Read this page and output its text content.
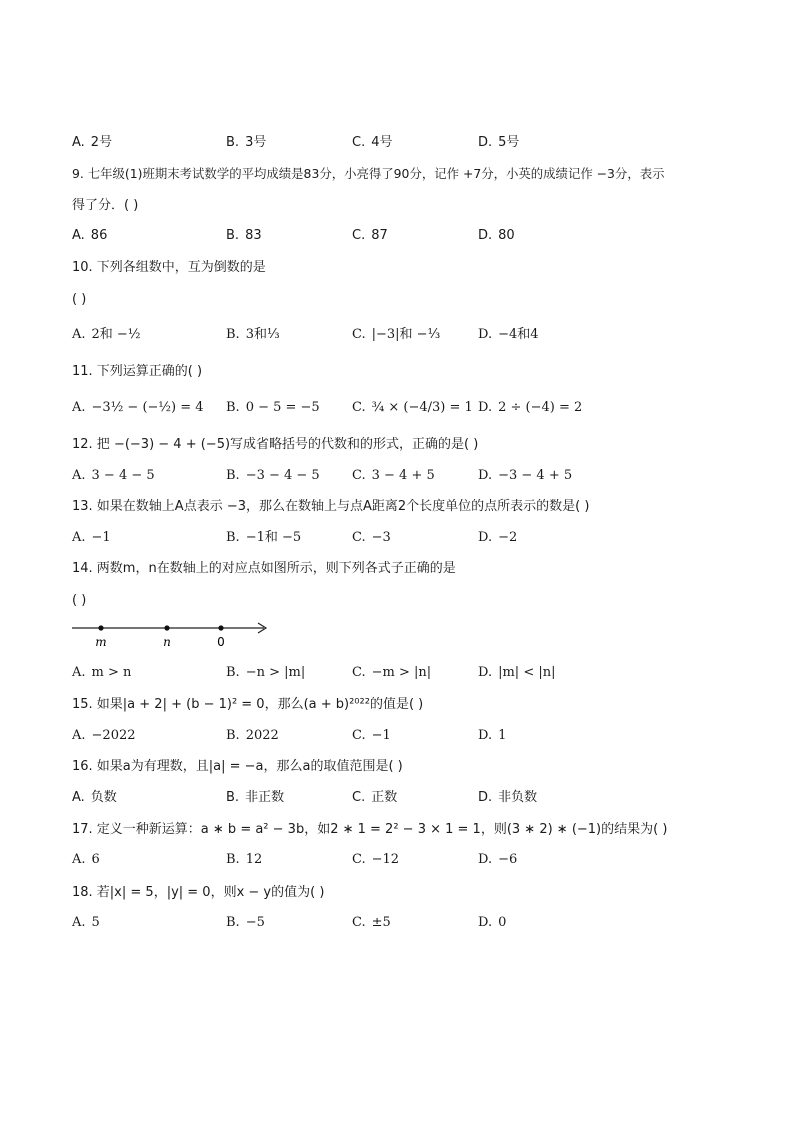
A. 2号	B. 3号	C. 4号	D. 5号
9. 七年级(1)班期末考试数学的平均成绩是83分，小亮得了90分，记作 +7分，小英的成绩记作 −3分，表示
得了分．( )
A. 86	B. 83	C. 87	D. 80
10. 下列各组数中，互为倒数的是
( )
A. 2和 −½	B. 3和⅓	C. |−3|和 −⅓	D. −4和4
11. 下列运算正确的( )
A. −3½ − (−½) = 4 B. 0 − 5 = −5 C. ¾ × (−4/3) = 1 D. 2 ÷ (−4) = 2
12. 把 −(−3) − 4 + (−5)写成省略括号的代数和的形式，正确的是( )
A. 3 − 4 − 5	B. −3 − 4 − 5 C. 3 − 4 + 5	D. −3 − 4 + 5
13. 如果在数轴上A点表示 −3，那么在数轴上与点A距离2个长度单位的点所表示的数是( )
A. −1	B. −1和 −5	C. −3	D. −2
14. 两数m，n在数轴上的对应点如图所示，则下列各式子正确的是
( )
m	n	0
A. m > n	B. −n > |m|	C. −m > |n|	D. |m| < |n|
15. 如果|a + 2| + (b − 1)² = 0，那么(a + b)²⁰²²的值是( )
A. −2022	B. 2022	C. −1	D. 1
16. 如果a为有理数，且|a| = −a，那么a的取值范围是( )
A. 负数	B. 非正数	C. 正数	D. 非负数
17. 定义一种新运算：a ∗ b = a² − 3b，如2 ∗ 1 = 2² − 3 × 1 = 1，则(3 ∗ 2) ∗ (−1)的结果为( )
A. 6	B. 12	C. −12	D. −6
18. 若|x| = 5，|y| = 0，则x − y的值为( )
A. 5	B. −5	C. ±5	D. 0
